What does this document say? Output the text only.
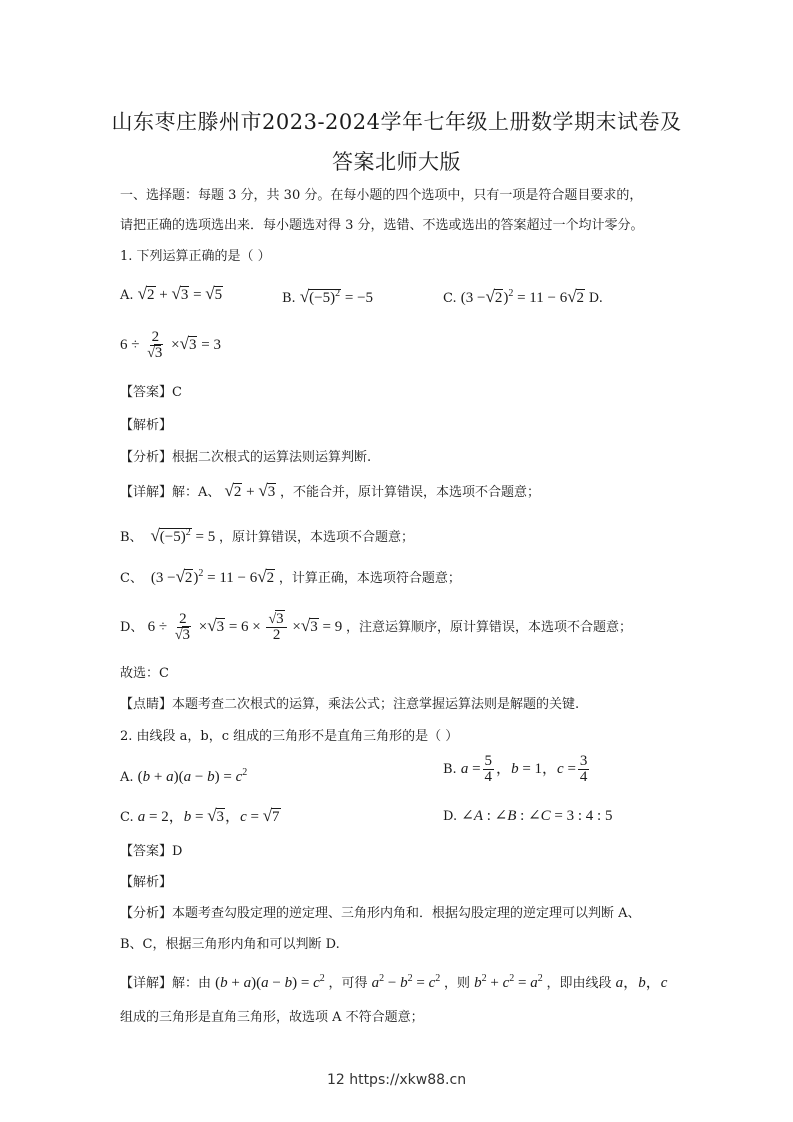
山东枣庄滕州市2023-2024学年七年级上册数学期末试卷及
答案北师大版
一、选择题：每题 3 分，共 30 分。在每小题的四个选项中，只有一项是符合题目要求的，
请把正确的选项选出来．每小题选对得 3 分，选错、不选或选出的答案超过一个均计零分。
1. 下列运算正确的是（ ）
A. √2 + √3 = √5	B. $√(-5)^2 = -5$	C. $(3 -√2)^2 = 11 - 6√2$ D.
$6 \div \frac{2}{√3} \times√3 = 3$
【答案】C
【解析】
【分析】根据二次根式的运算法则运算判断.
【详解】解：A、 √2 + √3 ，不能合并，原计算错误，本选项不合题意；
B、 $√(-5)^2 = 5$ ，原计算错误，本选项不合题意；
C、 $(3 -√2)^2 = 11 - 6√2$ ，计算正确，本选项符合题意；
D、 $6 \div \frac{2}{√3} \times√3 = 6 \times \frac{√3}{2} \times√3 = 9$ ，注意运算顺序，原计算错误，本选项不合题意；
故选：C
【点睛】本题考查二次根式的运算，乘法公式；注意掌握运算法则是解题的关键.
2. 由线段 a，b，c 组成的三角形不是直角三角形的是（ ）
A. $(b + a)(a - b) = c^2$	B. $a = \frac{5}{4}$ ，b = 1，$c = \frac{3}{4}$
C. a = 2，b = √3，c = √7	D. ∠A : ∠B : ∠C = 3 : 4 : 5
【答案】D
【解析】
【分析】本题考查勾股定理的逆定理、三角形内角和．根据勾股定理的逆定理可以判断 A、
B、C，根据三角形内角和可以判断 D.
【详解】解：由 $(b + a)(a - b) = c^2$ ，可得 $a^2 - b^2 = c^2$ ，则 $b^2 + c^2 = a^2$ ，即由线段 a，b，c
组成的三角形是直角三角形，故选项 A 不符合题意；
12 https://xkw88.cn
